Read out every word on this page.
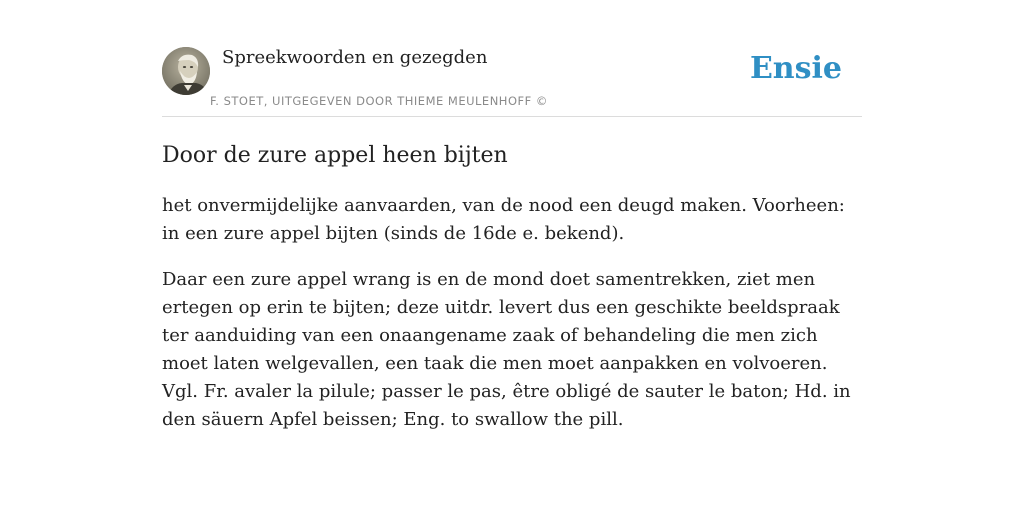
Spreekwoorden en gezegden
F. STOET, UITGEGEVEN DOOR THIEME MEULENHOFF ©
Ensie
Door de zure appel heen bijten

het onvermijdelijke aanvaarden, van de nood een deugd maken. Voorheen: in een zure appel bijten (sinds de 16de e. bekend).

Daar een zure appel wrang is en de mond doet samentrekken, ziet men ertegen op erin te bijten; deze uitdr. levert dus een geschikte beeldspraak ter aanduiding van een onaangename zaak of behandeling die men zich moet laten welgevallen, een taak die men moet aanpakken en volvoeren. Vgl. Fr. avaler la pilule; passer le pas, être obligé de sauter le baton; Hd. in den säuern Apfel beissen; Eng. to swallow the pill.
